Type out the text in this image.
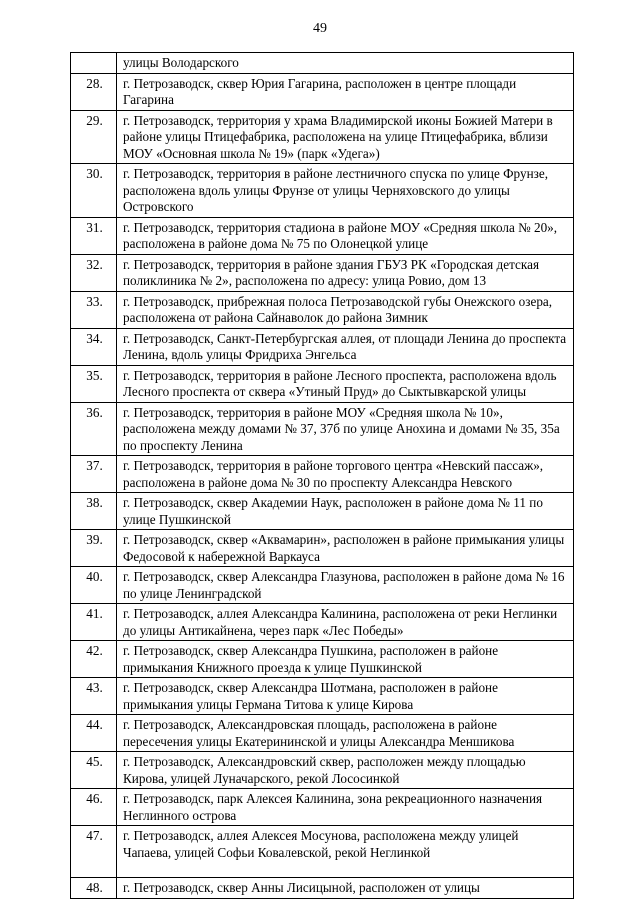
49
	улицы Володарского
28.	г. Петрозаводск, сквер Юрия Гагарина, расположен в центре площади Гагарина
29.	г. Петрозаводск, территория у храма Владимирской иконы Божией Матери в районе улицы Птицефабрика, расположена на улице Птицефабрика, вблизи МОУ «Основная школа № 19» (парк «Удега»)
30.	г. Петрозаводск, территория в районе лестничного спуска по улице Фрунзе, расположена вдоль улицы Фрунзе от улицы Черняховского до улицы Островского
31.	г. Петрозаводск, территория стадиона в районе МОУ «Средняя школа № 20», расположена в районе дома № 75 по Олонецкой улице
32.	г. Петрозаводск, территория в районе здания ГБУЗ РК «Городская детская поликлиника № 2», расположена по адресу: улица Ровио, дом 13
33.	г. Петрозаводск, прибрежная полоса Петрозаводской губы Онежского озера, расположена от района Сайнаволок до района Зимник
34.	г. Петрозаводск, Санкт-Петербургская аллея, от площади Ленина до проспекта Ленина, вдоль улицы Фридриха Энгельса
35.	г. Петрозаводск, территория в районе Лесного проспекта, расположена вдоль Лесного проспекта от сквера «Утиный Пруд» до Сыктывкарской улицы
36.	г. Петрозаводск, территория в районе МОУ «Средняя школа № 10», расположена между домами № 37, 37б по улице Анохина и домами № 35, 35а по проспекту Ленина
37.	г. Петрозаводск, территория в районе торгового центра «Невский пассаж», расположена в районе дома № 30 по проспекту Александра Невского
38.	г. Петрозаводск, сквер Академии Наук, расположен в районе дома № 11 по улице Пушкинской
39.	г. Петрозаводск, сквер «Аквамарин», расположен в районе примыкания улицы Федосовой к набережной Варкауса
40.	г. Петрозаводск, сквер Александра Глазунова, расположен в районе дома № 16 по улице Ленинградской
41.	г. Петрозаводск, аллея Александра Калинина, расположена от реки Неглинки до улицы Антикайнена, через парк «Лес Победы»
42.	г. Петрозаводск, сквер Александра Пушкина, расположен в районе примыкания Книжного проезда к улице Пушкинской
43.	г. Петрозаводск, сквер Александра Шотмана, расположен в районе примыкания улицы Германа Титова к улице Кирова
44.	г. Петрозаводск, Александровская площадь, расположена в районе пересечения улицы Екатерининской и улицы Александра Меншикова
45.	г. Петрозаводск, Александровский сквер, расположен между площадью Кирова, улицей Луначарского, рекой Лососинкой
46.	г. Петрозаводск, парк Алексея Калинина, зона рекреационного назначения Неглинного острова
47.	г. Петрозаводск, аллея Алексея Мосунова, расположена между улицей Чапаева, улицей Софьи Ковалевской, рекой Неглинкой
48.	г. Петрозаводск, сквер Анны Лисицыной, расположен от улицы
